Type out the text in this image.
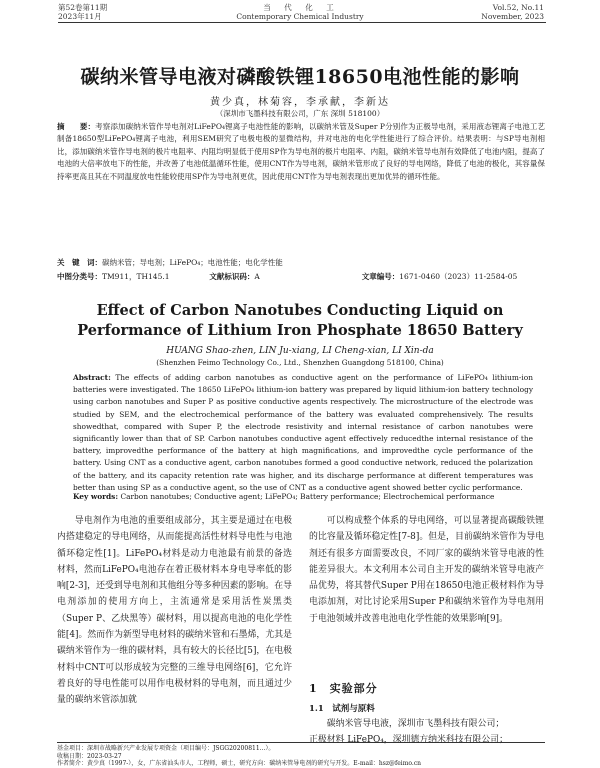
第52卷第11期
2023年11月
当　代　化　工
Contemporary Chemical Industry
Vol.52, No.11
November, 2023
碳纳米管导电液对磷酸铁锂18650电池性能的影响
黄少真，林菊容，李承献，李新达
（深圳市飞墨科技有限公司，广东 深圳 518100）
摘　　要：考察添加碳纳米管作导电剂对LiFePO₄锂离子电池性能的影响，以碳纳米管及Super P分别作为正极导电剂，采用液态锂离子电池工艺制备18650型LiFePO₄锂离子电池，利用SEM研究了电极电极的显微结构，并对电池的电化学性能进行了综合评价。结果表明：与SP导电剂相比，添加碳纳米管作导电剂的极片电阻率、内阻均明显低于使用SP作为导电剂的极片电阻率、内阻，碳纳米管导电剂有效降低了电池内阻，提高了电池的大倍率放电下的性能，并改善了电池低温循环性能，使用CNT作为导电剂，碳纳米管形成了良好的导电网络，降低了电池的极化，其容量保持率更高且其在不同温度放电性能较使用SP作为导电剂更优，因此使用CNT作为导电剂表现出更加优异的循环性能。
关　键　词：碳纳米管；导电剂；LiFePO₄；电池性能；电化学性能
中图分类号：TM911，TH145.1	文献标识码：A	文章编号：1671-0460（2023）11-2584-05
Effect of Carbon Nanotubes Conducting Liquid on
Performance of Lithium Iron Phosphate 18650 Battery
HUANG Shao-zhen, LIN Ju-xiang, LI Cheng-xian, LI Xin-da
(Shenzhen Feimo Technology Co., Ltd., Shenzhen Guangdong 518100, China)
Abstract: The effects of adding carbon nanotubes as conductive agent on the performance of LiFePO₄ lithium-ion batteries were investigated. The 18650 LiFePO₄ lithium-ion battery was prepared by liquid lithium-ion battery technology using carbon nanotubes and Super P as positive conductive agents respectively. The microstructure of the electrode was studied by SEM, and the electrochemical performance of the battery was evaluated comprehensively. The results showedthat, compared with Super P, the electrode resistivity and internal resistance of carbon nanotubes were significantly lower than that of SP. Carbon nanotubes conductive agent effectively reducedthe internal resistance of the battery, improvedthe performance of the battery at high magnifications, and improvedthe cycle performance of the battery. Using CNT as a conductive agent, carbon nanotubes formed a good conductive network, reduced the polarization of the battery, and its capacity retention rate was higher, and its discharge performance at different temperatures was better than using SP as a conductive agent, so the use of CNT as a conductive agent showed better cyclic performance.
Key words: Carbon nanotubes; Conductive agent; LiFePO₄; Battery performance; Electrochemical performance

导电剂作为电池的重要组成部分，其主要是通过在电极内搭建稳定的导电网络，从而能提高活性材料导电性与电池循环稳定性[1]。LiFePO₄材料是动力电池最有前景的备选材料，然而LiFePO₄电池存在着正极材料本身电导率低的影响[2-3]，还受到导电剂和其他组分等多种因素的影响。在导电剂添加的使用方向上，主流通常是采用活性炭黑类（Super P、乙炔黑等）碳材料，用以提高电池的电化学性能[4]。然而作为新型导电材料的碳纳米管和石墨烯，尤其是碳纳米管作为一维的碳材料，具有较大的长径比[5]，在电极材料中CNT可以形成较为完整的三维导电网络[6]，它允许着良好的导电性能可以用作电极材料的导电剂，而且通过少量的碳纳米管添加就

可以构成整个体系的导电网络，可以显著提高碳酸铁锂的比容量及循环稳定性[7-8]。但是，目前碳纳米管作为导电剂还有很多方面需要改良，不同厂家的碳纳米管导电液的性能差异很大。本文利用本公司自主开发的碳纳米管导电液产品优势，将其替代Super P用在18650电池正极材料作为导电添加剂，对比讨论采用Super P和碳纳米管作为导电剂用于电池领域并改善电池电化学性能的效果影响[9]。

1　实验部分
1.1　试剂与原料

碳纳米管导电液，深圳市飞墨科技有限公司；

正极材料 LiFePO₄，深圳德方纳米科技有限公司；

基金项目：深圳市战略新兴产业发展专项资金（项目编号：JSGG20200811...）。
收稿日期：2023-03-27
作者简介：黄少真（1997-），女，广东省汕头市人，工程师，硕士，研究方向：碳纳米管导电剂的研究与开发。E-mail：hsz@feimo.cn
